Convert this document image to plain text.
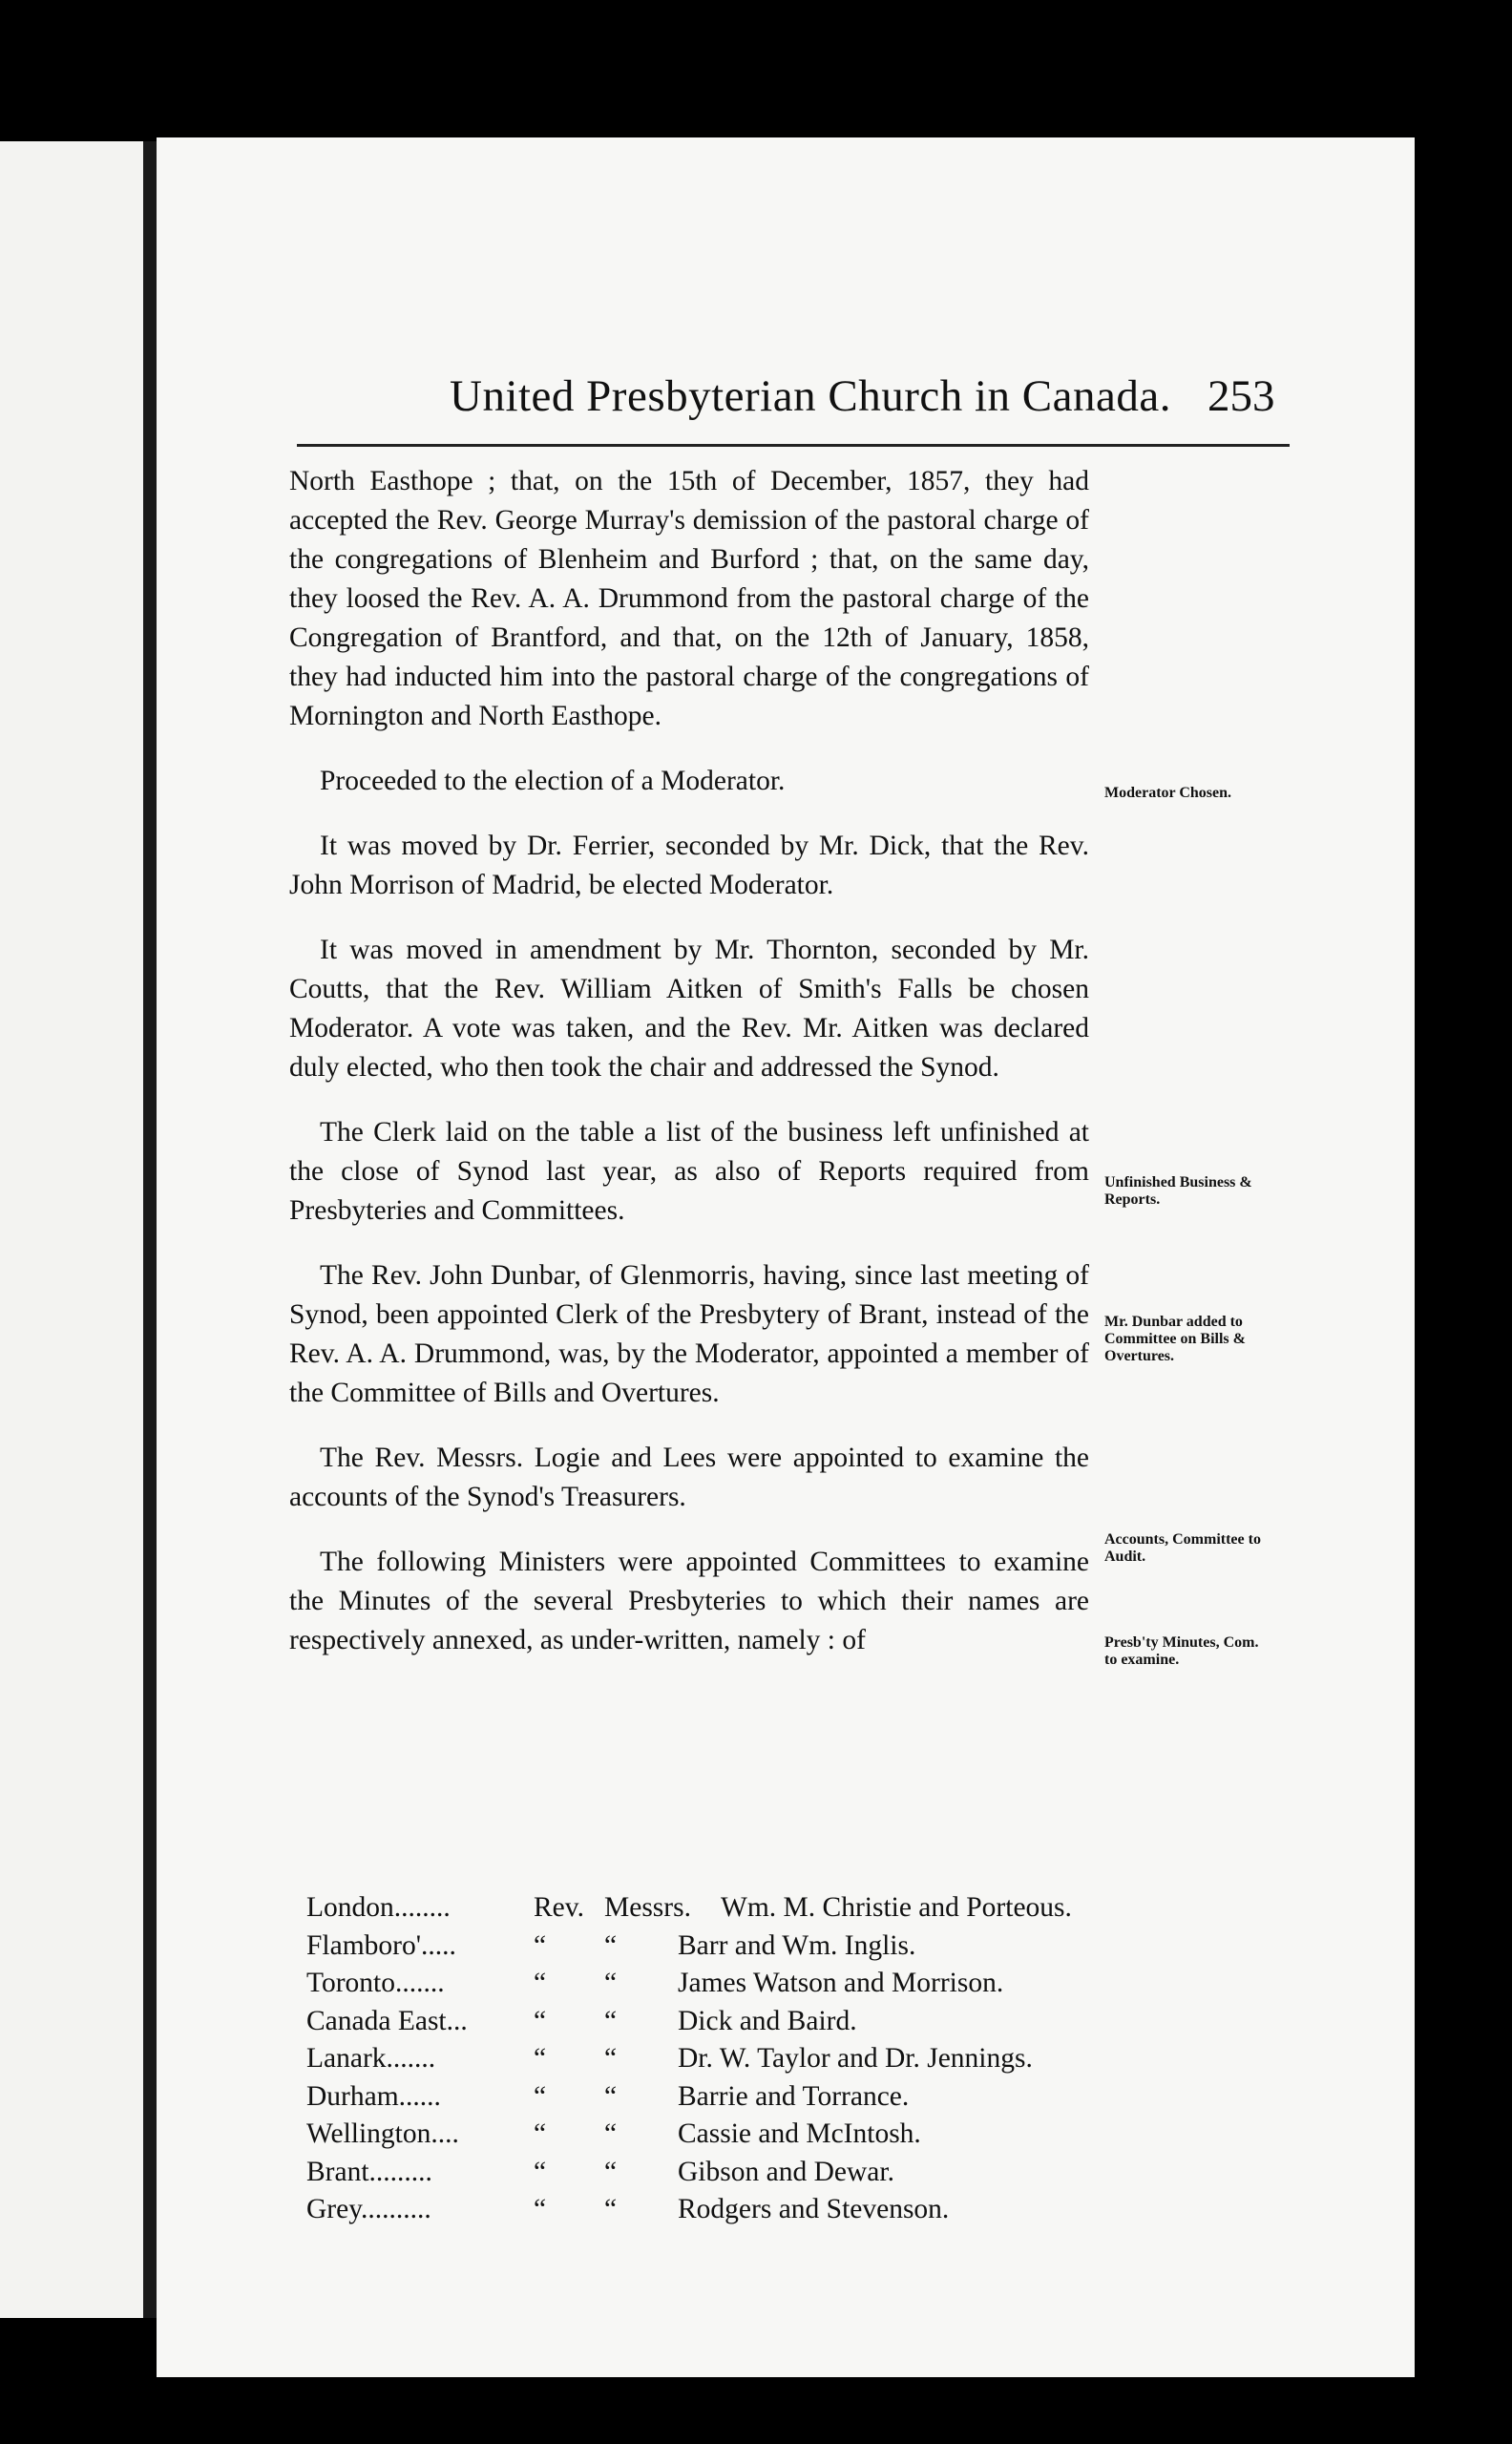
United Presbyterian Church in Canada. 253

North Easthope ; that, on the 15th of December, 1857, they had accepted the Rev. George Murray's demission of the pastoral charge of the congregations of Blenheim and Burford ; that, on the same day, they loosed the Rev. A. A. Drummond from the pastoral charge of the Congregation of Brantford, and that, on the 12th of January, 1858, they had inducted him into the pastoral charge of the congregations of Mornington and North Easthope.

Proceeded to the election of a Moderator.

It was moved by Dr. Ferrier, seconded by Mr. Dick, that the Rev. John Morrison of Madrid, be elected Moderator.

It was moved in amendment by Mr. Thornton, seconded by Mr. Coutts, that the Rev. William Aitken of Smith's Falls be chosen Moderator. A vote was taken, and the Rev. Mr. Aitken was declared duly elected, who then took the chair and addressed the Synod.

The Clerk laid on the table a list of the business left unfinished at the close of Synod last year, as also of Reports required from Presbyteries and Committees.

The Rev. John Dunbar, of Glenmorris, having, since last meeting of Synod, been appointed Clerk of the Presbytery of Brant, instead of the Rev. A. A. Drummond, was, by the Moderator, appointed a member of the Committee of Bills and Overtures.

The Rev. Messrs. Logie and Lees were appointed to examine the accounts of the Synod's Treasurers.

The following Ministers were appointed Committees to examine the Minutes of the several Presbyteries to which their names are respectively annexed, as under-written, namely : of

Moderator Chosen.
Unfinished Business & Reports.
Mr. Dunbar added to Committee on Bills & Overtures.
Accounts, Committee to Audit.
Presb'ty Minutes, Com. to examine.
London........	Rev. Messrs. Wm. M. Christie and Porteous.
Flamboro'.....	“ “ Barr and Wm. Inglis.
Toronto.......	“ “ James Watson and Morrison.
Canada East... “ “ Dick and Baird.
Lanark.......	“ “ Dr. W. Taylor and Dr. Jennings.
Durham......	“ “ Barrie and Torrance.
Wellington....	“ “ Cassie and McIntosh.
Brant.........	“ “ Gibson and Dewar.
Grey..........	“ “ Rodgers and Stevenson.
